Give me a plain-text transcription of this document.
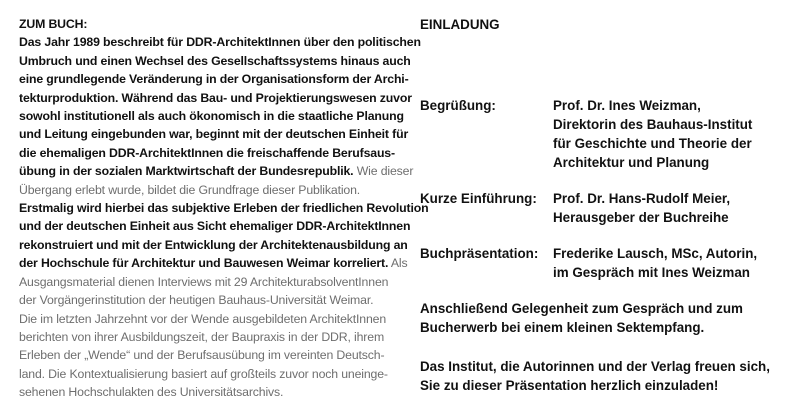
ZUM BUCH:
Das Jahr 1989 beschreibt für DDR-ArchitektInnen über den politischen
Umbruch und einen Wechsel des Gesellschaftssystems hinaus auch
eine grundlegende Veränderung in der Organisationsform der Archi-
tekturproduktion. Während das Bau- und Projektierungswesen zuvor
sowohl institutionell als auch ökonomisch in die staatliche Planung
und Leitung eingebunden war, beginnt mit der deutschen Einheit für
die ehemaligen DDR-ArchitektInnen die freischaffende Berufsaus-
übung in der sozialen Marktwirtschaft der Bundesrepublik. Wie dieser
Übergang erlebt wurde, bildet die Grundfrage dieser Publikation.
Erstmalig wird hierbei das subjektive Erleben der friedlichen Revolution
und der deutschen Einheit aus Sicht ehemaliger DDR-ArchitektInnen
rekonstruiert und mit der Entwicklung der Architektenausbildung an
der Hochschule für Architektur und Bauwesen Weimar korreliert. Als
Ausgangsmaterial dienen Interviews mit 29 ArchitekturabsolventInnen
der Vorgängerinstitution der heutigen Bauhaus-Universität Weimar.
Die im letzten Jahrzehnt vor der Wende ausgebildeten ArchitektInnen
berichten von ihrer Ausbildungszeit, der Baupraxis in der DDR, ihrem
Erleben der „Wende“ und der Berufsausübung im vereinten Deutsch-
land. Die Kontextualisierung basiert auf großteils zuvor noch uneinge-
sehenen Hochschulakten des Universitätsarchivs.
EINLADUNG
Begrüßung:	Prof. Dr. Ines Weizman,
Direktorin des Bauhaus-Institut
für Geschichte und Theorie der
Architektur und Planung
Kurze Einführung:	Prof. Dr. Hans-Rudolf Meier,
Herausgeber der Buchreihe
Buchpräsentation:	Frederike Lausch, MSc, Autorin,
im Gespräch mit Ines Weizman

Anschließend Gelegenheit zum Gespräch und zum
Bucherwerb bei einem kleinen Sektempfang.

Das Institut, die Autorinnen und der Verlag freuen sich,
Sie zu dieser Präsentation herzlich einzuladen!
